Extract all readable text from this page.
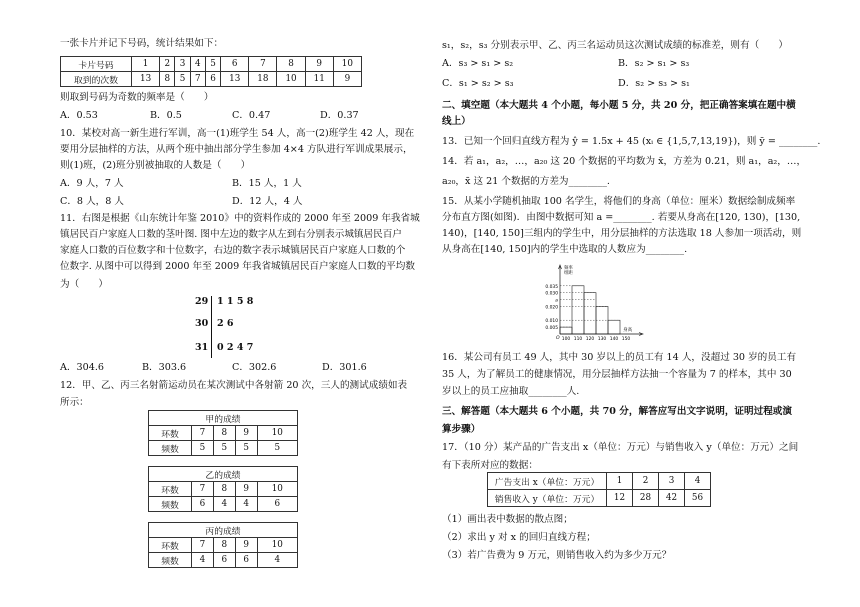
一张卡片并记下号码，统计结果如下：
卡片号码	1	2	3	4	5	6	7	8	9	10
取到的次数	13	8	5	7	6	13	18	10	11	9
则取到号码为奇数的频率是（　　）
A．0.53	B．0.5	C．0.47	D．0.37
10．某校对高一新生进行军训，高一(1)班学生 54 人，高一(2)班学生 42 人，现在
要用分层抽样的方法，从两个班中抽出部分学生参加 4×4 方队进行军训成果展示，
则(1)班，(2)班分别被抽取的人数是（　　）
A．9 人，7 人	B．15 人，1 人
C．8 人，8 人	D．12 人，4 人
11．右图是根据《山东统计年鉴 2010》中的资料作成的 2000 年至 2009 年我省城
镇居民百户家庭人口数的茎叶图. 图中左边的数字从左到右分别表示城镇居民百户
家庭人口数的百位数字和十位数字，右边的数字表示城镇居民百户家庭人口数的个
位数字. 从图中可以得到 2000 年至 2009 年我省城镇居民百户家庭人口数的平均数
为（　　）
29 1 1 5 8
30 2 6
31 0 2 4 7
A．304.6	B．303.6	C．302.6	D．301.6
12．甲、乙、丙三名射箭运动员在某次测试中各射箭 20 次，三人的测试成绩如表
所示：
甲的成绩				
环数	7	8	9	10
频数	5	5	5	5
乙的成绩				
环数	7	8	9	10
频数	6	4	4	6
丙的成绩				
环数	7	8	9	10
频数	4	6	6	4
s₁，s₂，s₃ 分别表示甲、乙、丙三名运动员这次测试成绩的标准差，则有（　　）
A．s₃ > s₁ > s₂	B．s₂ > s₁ > s₃
C．s₁ > s₂ > s₃	D．s₂ > s₃ > s₁
二、填空题（本大题共 4 个小题，每小题 5 分，共 20 分，把正确答案填在题中横
线上）
13．已知一个回归直线方程为 ŷ = 1.5x + 45 (xᵢ ∈ {1,5,7,13,19})，则 ȳ = ________.
14．若 a₁，a₂，…，a₂₀ 这 20 个数据的平均数为 x̄，方差为 0.21，则 a₁，a₂，…，
a₂₀，x̄ 这 21 个数据的方差为________.
15．从某小学随机抽取 100 名学生，将他们的身高（单位：厘米）数据绘制成频率
分布直方图(如图)．由图中数据可知 a =________. 若要从身高在[120, 130)，[130,
140)，[140, 150]三组内的学生中，用分层抽样的方法选取 18 人参加一项活动，则
从身高在[140, 150]内的学生中选取的人数应为________.
0.035
0.030
0.020
0.010
0.005
a
100 110 120 130 140 150
O
频率
组距
身高
16．某公司有员工 49 人，其中 30 岁以上的员工有 14 人，没超过 30 岁的员工有
35 人，为了解员工的健康情况，用分层抽样方法抽一个容量为 7 的样本，其中 30
岁以上的员工应抽取________人.
三、解答题（本大题共 6 个小题，共 70 分，解答应写出文字说明，证明过程或演
算步骤）
17．（10 分）某产品的广告支出 x（单位：万元）与销售收入 y（单位：万元）之间
有下表所对应的数据：
广告支出 x（单位：万元）	1	2	3	4
销售收入 y（单位：万元）	12	28	42	56
（1）画出表中数据的散点图；
（2）求出 y 对 x 的回归直线方程；
（3）若广告费为 9 万元，则销售收入约为多少万元？
